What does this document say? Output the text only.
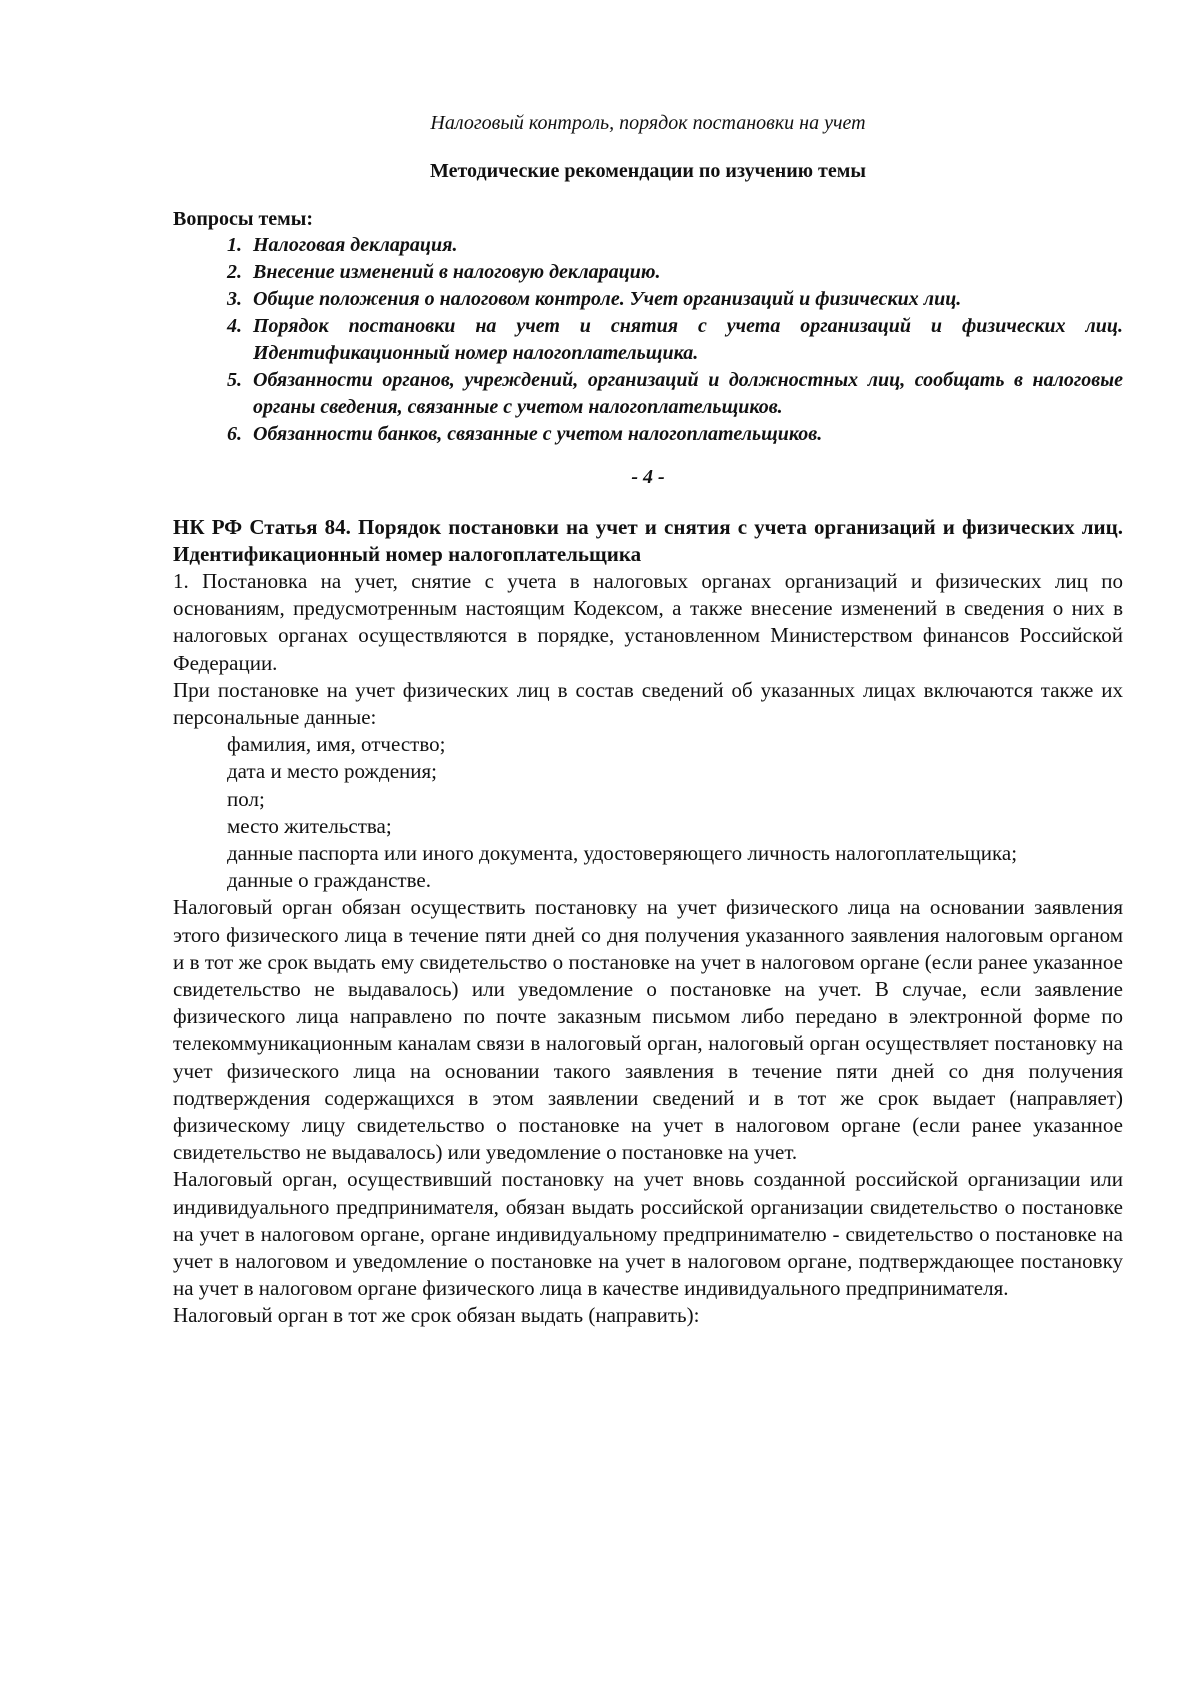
Налоговый контроль, порядок постановки на учет

Методические рекомендации по изучению темы

Вопросы темы:

1. Налоговая декларация.
2. Внесение изменений в налоговую декларацию.
3. Общие положения о налоговом контроле. Учет организаций и физических лиц.
4. Порядок постановки на учет и снятия с учета организаций и физических лиц. Идентификационный номер налогоплательщика.
5. Обязанности органов, учреждений, организаций и должностных лиц, сообщать в налоговые органы сведения, связанные с учетом налогоплательщиков.
6. Обязанности банков, связанные с учетом налогоплательщиков.

- 4 -

НК РФ Статья 84. Порядок постановки на учет и снятия с учета организаций и физических лиц. Идентификационный номер налогоплательщика

1. Постановка на учет, снятие с учета в налоговых органах организаций и физических лиц по основаниям, предусмотренным настоящим Кодексом, а также внесение изменений в сведения о них в налоговых органах осуществляются в порядке, установленном Министерством финансов Российской Федерации.

При постановке на учет физических лиц в состав сведений об указанных лицах включаются также их персональные данные:

фамилия, имя, отчество;

дата и место рождения;

пол;

место жительства;

данные паспорта или иного документа, удостоверяющего личность налогоплательщика;

данные о гражданстве.

Налоговый орган обязан осуществить постановку на учет физического лица на основании заявления этого физического лица в течение пяти дней со дня получения указанного заявления налоговым органом и в тот же срок выдать ему свидетельство о постановке на учет в налоговом органе (если ранее указанное свидетельство не выдавалось) или уведомление о постановке на учет. В случае, если заявление физического лица направлено по почте заказным письмом либо передано в электронной форме по телекоммуникационным каналам связи в налоговый орган, налоговый орган осуществляет постановку на учет физического лица на основании такого заявления в течение пяти дней со дня получения подтверждения содержащихся в этом заявлении сведений и в тот же срок выдает (направляет) физическому лицу свидетельство о постановке на учет в налоговом органе (если ранее указанное свидетельство не выдавалось) или уведомление о постановке на учет.

Налоговый орган, осуществивший постановку на учет вновь созданной российской организации или индивидуального предпринимателя, обязан выдать российской организации свидетельство о постановке на учет в налоговом органе, органе индивидуальному предпринимателю - свидетельство о постановке на учет в налоговом и уведомление о постановке на учет в налоговом органе, подтверждающее постановку на учет в налоговом органе физического лица в качестве индивидуального предпринимателя.

Налоговый орган в тот же срок обязан выдать (направить):
